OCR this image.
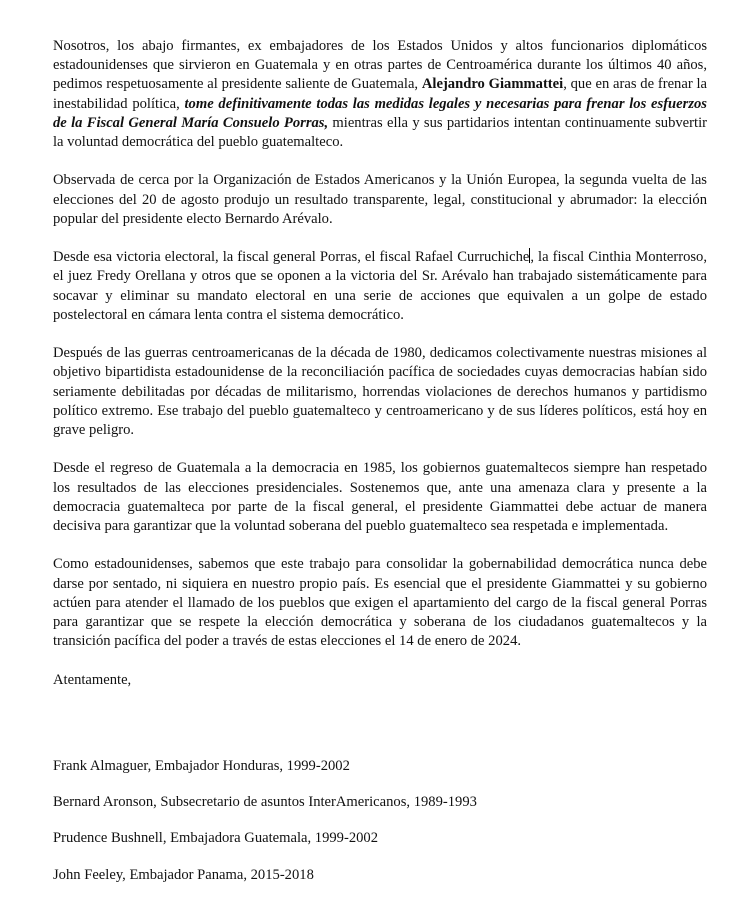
Nosotros, los abajo firmantes, ex embajadores de los Estados Unidos y altos funcionarios diplomáticos estadounidenses que sirvieron en Guatemala y en otras partes de Centroamérica durante los últimos 40 años, pedimos respetuosamente al presidente saliente de Guatemala, Alejandro Giammattei, que en aras de frenar la inestabilidad política, tome definitivamente todas las medidas legales y necesarias para frenar los esfuerzos de la Fiscal General María Consuelo Porras, mientras ella y sus partidarios intentan continuamente subvertir la voluntad democrática del pueblo guatemalteco.

Observada de cerca por la Organización de Estados Americanos y la Unión Europea, la segunda vuelta de las elecciones del 20 de agosto produjo un resultado transparente, legal, constitucional y abrumador: la elección popular del presidente electo Bernardo Arévalo.

Desde esa victoria electoral, la fiscal general Porras, el fiscal Rafael Curruchiche, la fiscal Cinthia Monterroso, el juez Fredy Orellana y otros que se oponen a la victoria del Sr. Arévalo han trabajado sistemáticamente para socavar y eliminar su mandato electoral en una serie de acciones que equivalen a un golpe de estado postelectoral en cámara lenta contra el sistema democrático.

Después de las guerras centroamericanas de la década de 1980, dedicamos colectivamente nuestras misiones al objetivo bipartidista estadounidense de la reconciliación pacífica de sociedades cuyas democracias habían sido seriamente debilitadas por décadas de militarismo, horrendas violaciones de derechos humanos y partidismo político extremo. Ese trabajo del pueblo guatemalteco y centroamericano y de sus líderes políticos, está hoy en grave peligro.

Desde el regreso de Guatemala a la democracia en 1985, los gobiernos guatemaltecos siempre han respetado los resultados de las elecciones presidenciales. Sostenemos que, ante una amenaza clara y presente a la democracia guatemalteca por parte de la fiscal general, el presidente Giammattei debe actuar de manera decisiva para garantizar que la voluntad soberana del pueblo guatemalteco sea respetada e implementada.

Como estadounidenses, sabemos que este trabajo para consolidar la gobernabilidad democrática nunca debe darse por sentado, ni siquiera en nuestro propio país. Es esencial que el presidente Giammattei y su gobierno actúen para atender el llamado de los pueblos que exigen el apartamiento del cargo de la fiscal general Porras para garantizar que se respete la elección democrática y soberana de los ciudadanos guatemaltecos y la transición pacífica del poder a través de estas elecciones el 14 de enero de 2024.

Atentamente,

Frank Almaguer, Embajador Honduras, 1999-2002

Bernard Aronson, Subsecretario de asuntos InterAmericanos, 1989-1993

Prudence Bushnell, Embajadora Guatemala, 1999-2002

John Feeley, Embajador Panama, 2015-2018
